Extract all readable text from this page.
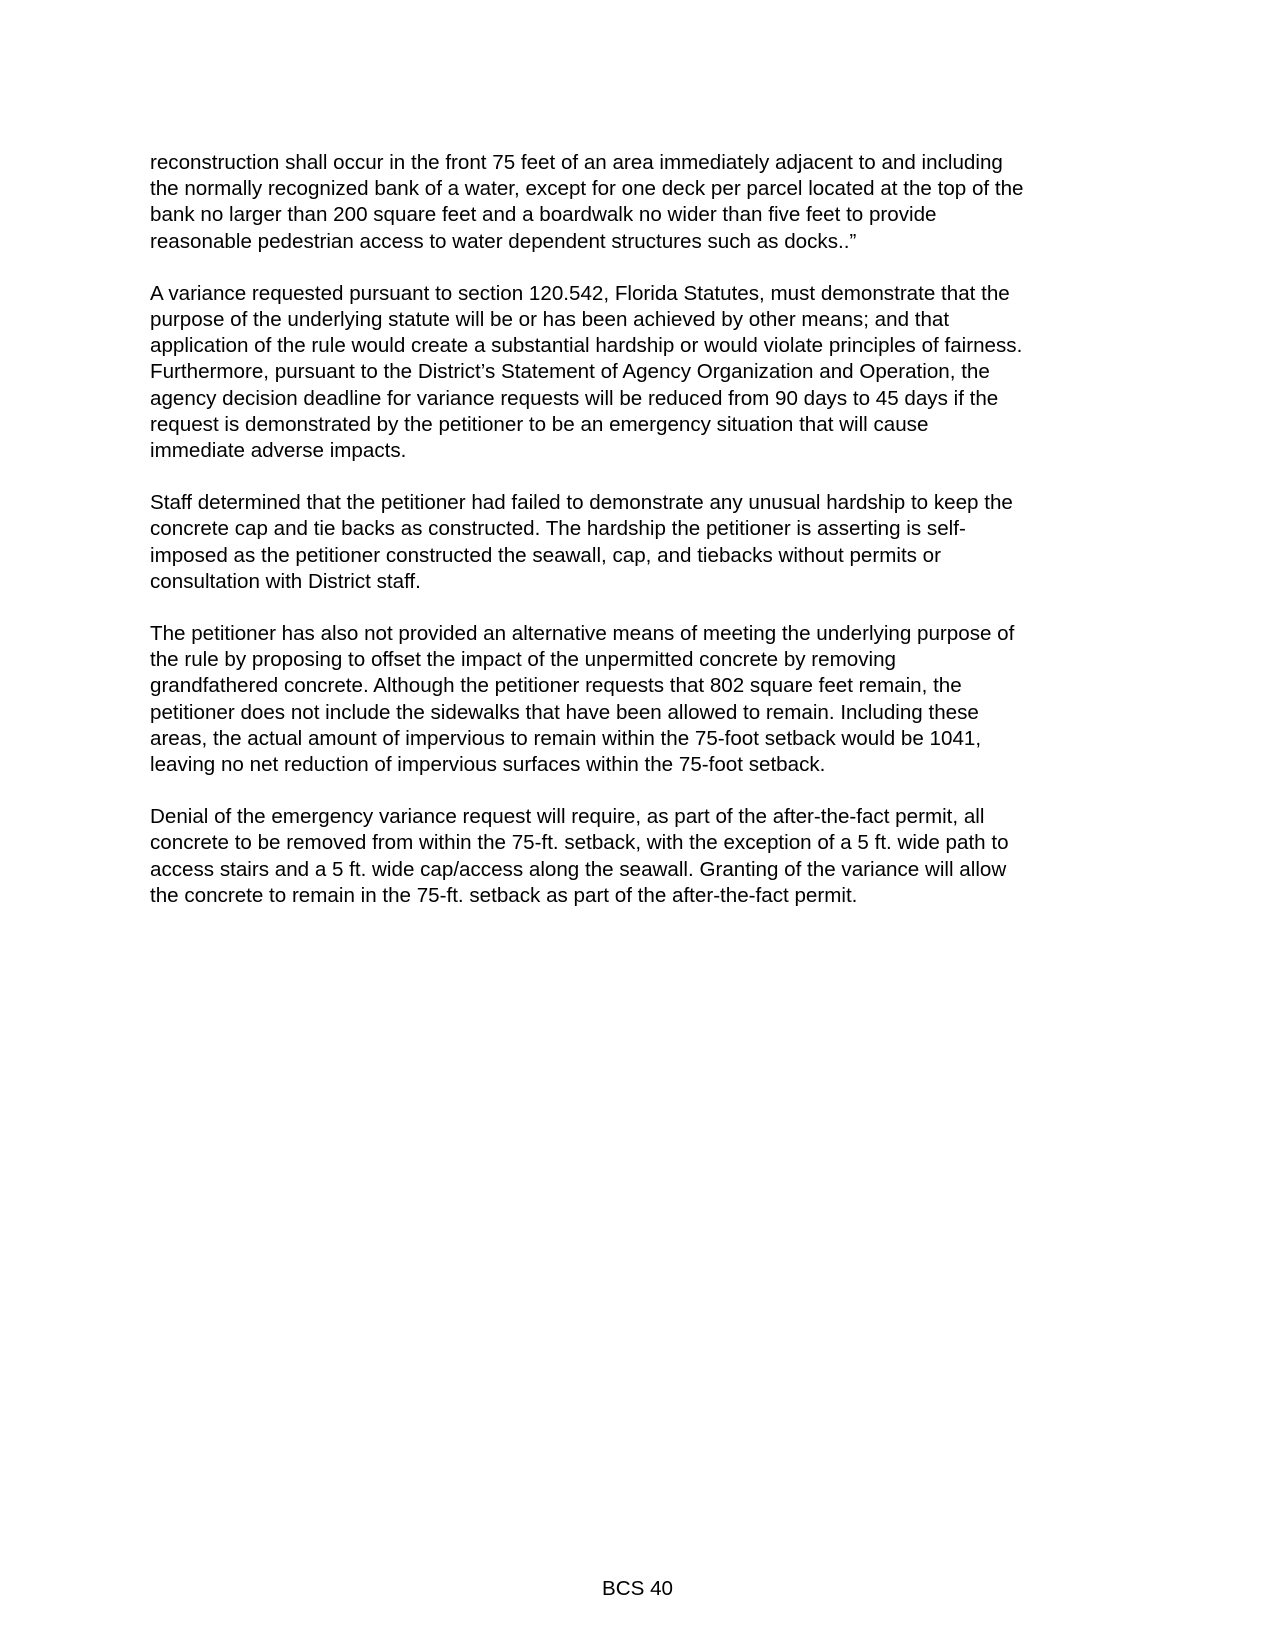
reconstruction shall occur in the front 75 feet of an area immediately adjacent to and including
the normally recognized bank of a water, except for one deck per parcel located at the top of the
bank no larger than 200 square feet and a boardwalk no wider than five feet to provide
reasonable pedestrian access to water dependent structures such as docks..”

A variance requested pursuant to section 120.542, Florida Statutes, must demonstrate that the
purpose of the underlying statute will be or has been achieved by other means; and that
application of the rule would create a substantial hardship or would violate principles of fairness.
Furthermore, pursuant to the District’s Statement of Agency Organization and Operation, the
agency decision deadline for variance requests will be reduced from 90 days to 45 days if the
request is demonstrated by the petitioner to be an emergency situation that will cause
immediate adverse impacts.

Staff determined that the petitioner had failed to demonstrate any unusual hardship to keep the
concrete cap and tie backs as constructed. The hardship the petitioner is asserting is self-
imposed as the petitioner constructed the seawall, cap, and tiebacks without permits or
consultation with District staff.

The petitioner has also not provided an alternative means of meeting the underlying purpose of
the rule by proposing to offset the impact of the unpermitted concrete by removing
grandfathered concrete. Although the petitioner requests that 802 square feet remain, the
petitioner does not include the sidewalks that have been allowed to remain. Including these
areas, the actual amount of impervious to remain within the 75-foot setback would be 1041,
leaving no net reduction of impervious surfaces within the 75-foot setback.

Denial of the emergency variance request will require, as part of the after-the-fact permit, all
concrete to be removed from within the 75-ft. setback, with the exception of a 5 ft. wide path to
access stairs and a 5 ft. wide cap/access along the seawall. Granting of the variance will allow
the concrete to remain in the 75-ft. setback as part of the after-the-fact permit.

BCS 40
